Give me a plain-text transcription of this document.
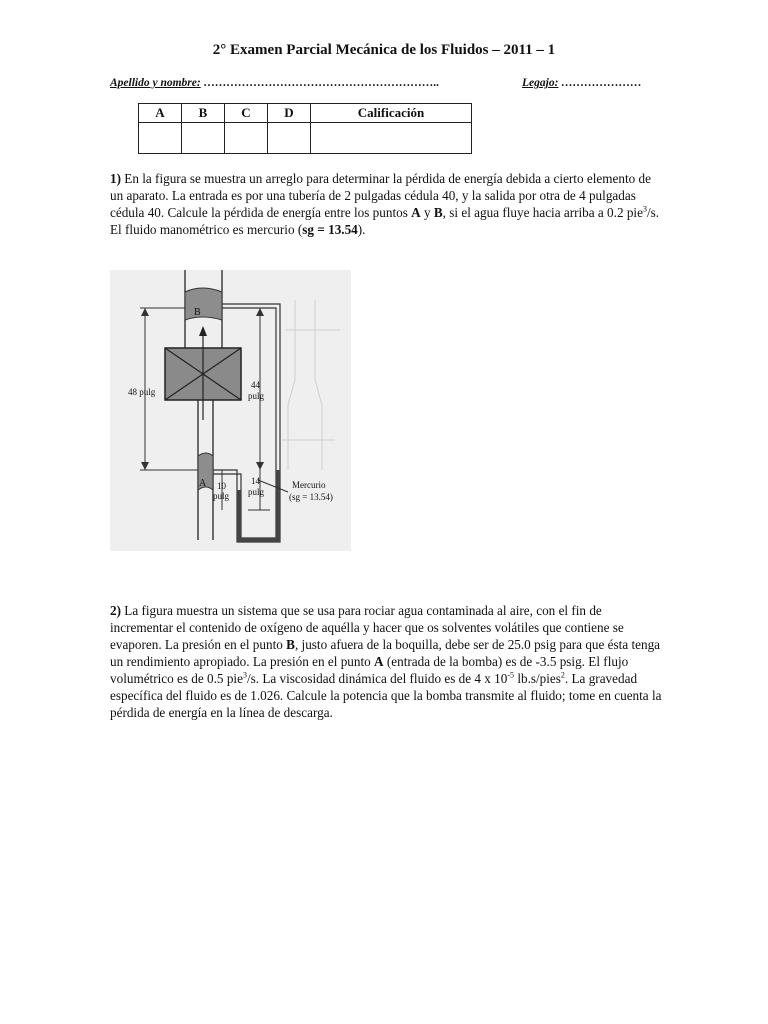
2° Examen Parcial Mecánica de los Fluidos – 2011 – 1
Apellido y nombre: ……………………………………………………..	Legajo: …………………
A	B	C	D	Calificación

1) En la figura se muestra un arreglo para determinar la pérdida de energía debida a cierto elemento de un aparato. La entrada es por una tubería de 2 pulgadas cédula 40, y la salida por otra de 4 pulgadas cédula 40. Calcule la pérdida de energía entre los puntos A y B, si el agua fluye hacia arriba a 0.2 pie$^3$/s. El fluido manométrico es mercurio (sg = 13.54).
B
A
48 pulg
44
pulg
10
pulg
14
pulg
Mercurio
(sg = 13.54)
2) La figura muestra un sistema que se usa para rociar agua contaminada al aire, con el fin de incrementar el contenido de oxígeno de aquélla y hacer que os solventes volátiles que contiene se evaporen. La presión en el punto B, justo afuera de la boquilla, debe ser de 25.0 psig para que ésta tenga un rendimiento apropiado. La presión en el punto A (entrada de la bomba) es de -3.5 psig. El flujo volumétrico es de 0.5 pie$^3$/s. La viscosidad dinámica del fluido es de 4 x $10^{-5}$ lb.s/pies$^2$. La gravedad específica del fluido es de 1.026. Calcule la potencia que la bomba transmite al fluido; tome en cuenta la pérdida de energía en la línea de descarga.
